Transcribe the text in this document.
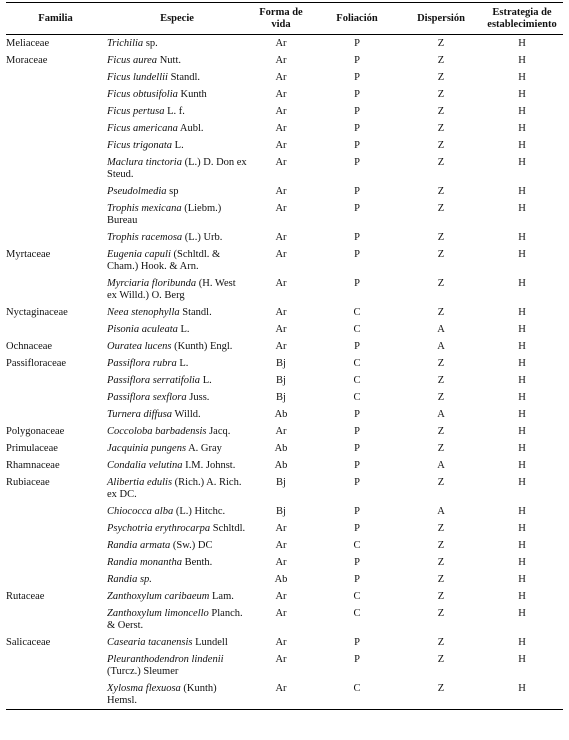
Familia	Especie	Forma de vida	Foliación	Dispersión	Estrategia de establecimiento
Meliaceae	Trichilia sp.	Ar	P	Z	H
Moraceae	Ficus aurea Nutt.	Ar	P	Z	H
	Ficus lundellii Standl.	Ar	P	Z	H
	Ficus obtusifolia Kunth	Ar	P	Z	H
	Ficus pertusa L. f.	Ar	P	Z	H
	Ficus americana Aubl.	Ar	P	Z	H
	Ficus trigonata L.	Ar	P	Z	H
	Maclura tinctoria (L.) D. Don ex Steud.	Ar	P	Z	H
	Pseudolmedia sp	Ar	P	Z	H
	Trophis mexicana (Liebm.) Bureau	Ar	P	Z	H
	Trophis racemosa (L.) Urb.	Ar	P	Z	H
Myrtaceae	Eugenia capuli (Schltdl. & Cham.) Hook. & Arn.	Ar	P	Z	H
	Myrciaria floribunda (H. West ex Willd.) O. Berg	Ar	P	Z	H
Nyctaginaceae	Neea stenophylla Standl.	Ar	C	Z	H
	Pisonia aculeata L.	Ar	C	A	H
Ochnaceae	Ouratea lucens (Kunth) Engl.	Ar	P	A	H
Passifloraceae	Passiflora rubra L.	Bj	C	Z	H
	Passiflora serratifolia L.	Bj	C	Z	H
	Passiflora sexflora Juss.	Bj	C	Z	H
	Turnera diffusa Willd.	Ab	P	A	H
Polygonaceae	Coccoloba barbadensis Jacq.	Ar	P	Z	H
Primulaceae	Jacquinia pungens A. Gray	Ab	P	Z	H
Rhamnaceae	Condalia velutina I.M. Johnst.	Ab	P	A	H
Rubiaceae	Alibertia edulis (Rich.) A. Rich. ex DC.	Bj	P	Z	H
	Chiococca alba (L.) Hitchc.	Bj	P	A	H
	Psychotria erythrocarpa Schltdl.	Ar	P	Z	H
	Randia armata (Sw.) DC	Ar	C	Z	H
	Randia monantha Benth.	Ar	P	Z	H
	Randia sp.	Ab	P	Z	H
Rutaceae	Zanthoxylum caribaeum Lam.	Ar	C	Z	H
	Zanthoxylum limoncello Planch. & Oerst.	Ar	C	Z	H
Salicaceae	Casearia tacanensis Lundell	Ar	P	Z	H
	Pleuranthodendron lindenii (Turcz.) Sleumer	Ar	P	Z	H
	Xylosma flexuosa (Kunth) Hemsl.	Ar	C	Z	H
